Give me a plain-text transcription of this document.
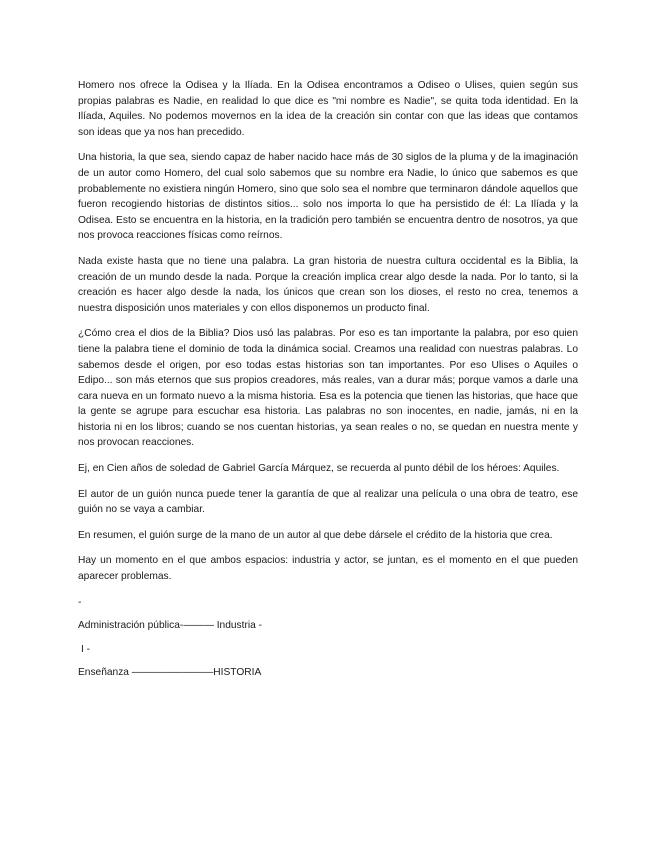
Homero nos ofrece la Odisea y la Ilíada. En la Odisea encontramos a Odiseo o Ulises, quien según sus propias palabras es Nadie, en realidad lo que dice es "mi nombre es Nadie", se quita toda identidad. En la Ilíada, Aquiles. No podemos movernos en la idea de la creación sin contar con que las ideas que contamos son ideas que ya nos han precedido.

Una historia, la que sea, siendo capaz de haber nacido hace más de 30 siglos de la pluma y de la imaginación de un autor como Homero, del cual solo sabemos que su nombre era Nadie, lo único que sabemos es que probablemente no existiera ningún Homero, sino que solo sea el nombre que terminaron dándole aquellos que fueron recogiendo historias de distintos sitios... solo nos importa lo que ha persistido de él: La Ilíada y la Odisea. Esto se encuentra en la historia, en la tradición pero también se encuentra dentro de nosotros, ya que nos provoca reacciones físicas como reírnos.

Nada existe hasta que no tiene una palabra. La gran historia de nuestra cultura occidental es la Biblia, la creación de un mundo desde la nada. Porque la creación implica crear algo desde la nada. Por lo tanto, si la creación es hacer algo desde la nada, los únicos que crean son los dioses, el resto no crea, tenemos a nuestra disposición unos materiales y con ellos disponemos un producto final.

¿Cómo crea el dios de la Biblia? Dios usó las palabras. Por eso es tan importante la palabra, por eso quien tiene la palabra tiene el dominio de toda la dinámica social. Creamos una realidad con nuestras palabras. Lo sabemos desde el origen, por eso todas estas historias son tan importantes. Por eso Ulises o Aquiles o Edipo... son más eternos que sus propios creadores, más reales, van a durar más; porque vamos a darle una cara nueva en un formato nuevo a la misma historia. Esa es la potencia que tienen las historias, que hace que la gente se agrupe para escuchar esa historia. Las palabras no son inocentes, en nadie, jamás, ni en la historia ni en los libros; cuando se nos cuentan historias, ya sean reales o no, se quedan en nuestra mente y nos provocan reacciones.

Ej, en Cien años de soledad de Gabriel García Márquez, se recuerda al punto débil de los héroes: Aquiles.

El autor de un guión nunca puede tener la garantía de que al realizar una película o una obra de teatro, ese guión no se vaya a cambiar.

En resumen, el guión surge de la mano de un autor al que debe dársele el crédito de la historia que crea.

Hay un momento en el que ambos espacios: industria y actor, se juntan, es el momento en el que pueden aparecer problemas.

-
Administración pública-——— Industria -
I -
Enseñanza ————————HISTORIA
